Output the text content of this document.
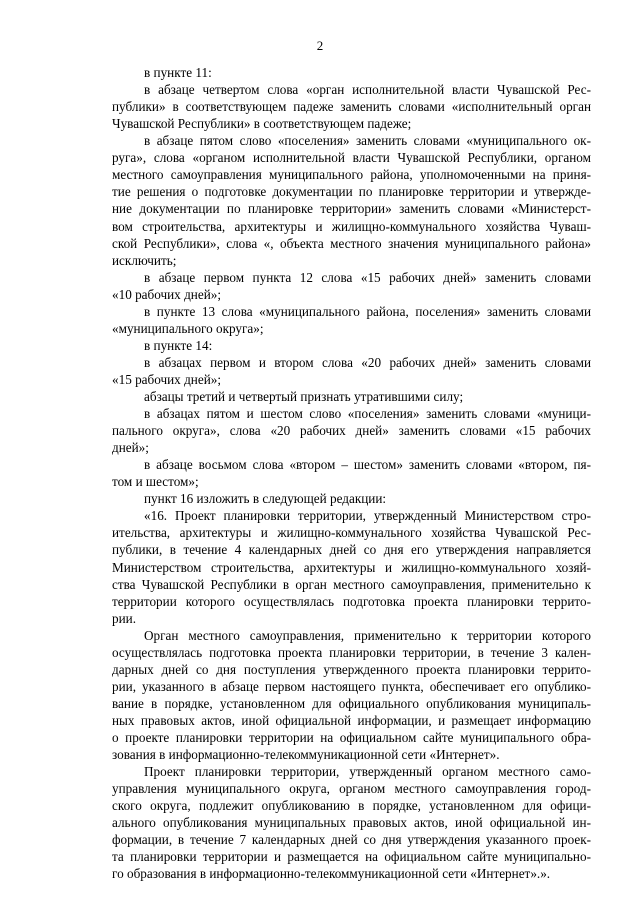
2
в пункте 11:
в абзаце четвертом слова «орган исполнительной власти Чувашской Рес-
публики» в соответствующем падеже заменить словами «исполнительный орган
Чувашской Республики» в соответствующем падеже;
в абзаце пятом слово «поселения» заменить словами «муниципального ок-
руга», слова «органом исполнительной власти Чувашской Республики, органом
местного самоуправления муниципального района, уполномоченными на приня-
тие решения о подготовке документации по планировке территории и утвержде-
ние документации по планировке территории» заменить словами «Министерст-
вом строительства, архитектуры и жилищно-коммунального хозяйства Чуваш-
ской Республики», слова «, объекта местного значения муниципального района»
исключить;
в абзаце первом пункта 12 слова «15 рабочих дней» заменить словами
«10 рабочих дней»;
в пункте 13 слова «муниципального района, поселения» заменить словами
«муниципального округа»;
в пункте 14:
в абзацах первом и втором слова «20 рабочих дней» заменить словами
«15 рабочих дней»;
абзацы третий и четвертый признать утратившими силу;
в абзацах пятом и шестом слово «поселения» заменить словами «муници-
пального округа», слова «20 рабочих дней» заменить словами «15 рабочих
дней»;
в абзаце восьмом слова «втором – шестом» заменить словами «втором, пя-
том и шестом»;
пункт 16 изложить в следующей редакции:
«16. Проект планировки территории, утвержденный Министерством стро-
ительства, архитектуры и жилищно-коммунального хозяйства Чувашской Рес-
публики, в течение 4 календарных дней со дня его утверждения направляется
Министерством строительства, архитектуры и жилищно-коммунального хозяй-
ства Чувашской Республики в орган местного самоуправления, применительно к
территории которого осуществлялась подготовка проекта планировки террито-
рии.
Орган местного самоуправления, применительно к территории которого
осуществлялась подготовка проекта планировки территории, в течение 3 кален-
дарных дней со дня поступления утвержденного проекта планировки террито-
рии, указанного в абзаце первом настоящего пункта, обеспечивает его опублико-
вание в порядке, установленном для официального опубликования муниципаль-
ных правовых актов, иной официальной информации, и размещает информацию
о проекте планировки территории на официальном сайте муниципального обра-
зования в информационно-телекоммуникационной сети «Интернет».
Проект планировки территории, утвержденный органом местного само-
управления муниципального округа, органом местного самоуправления город-
ского округа, подлежит опубликованию в порядке, установленном для офици-
ального опубликования муниципальных правовых актов, иной официальной ин-
формации, в течение 7 календарных дней со дня утверждения указанного проек-
та планировки территории и размещается на официальном сайте муниципально-
го образования в информационно-телекоммуникационной сети «Интернет».».
